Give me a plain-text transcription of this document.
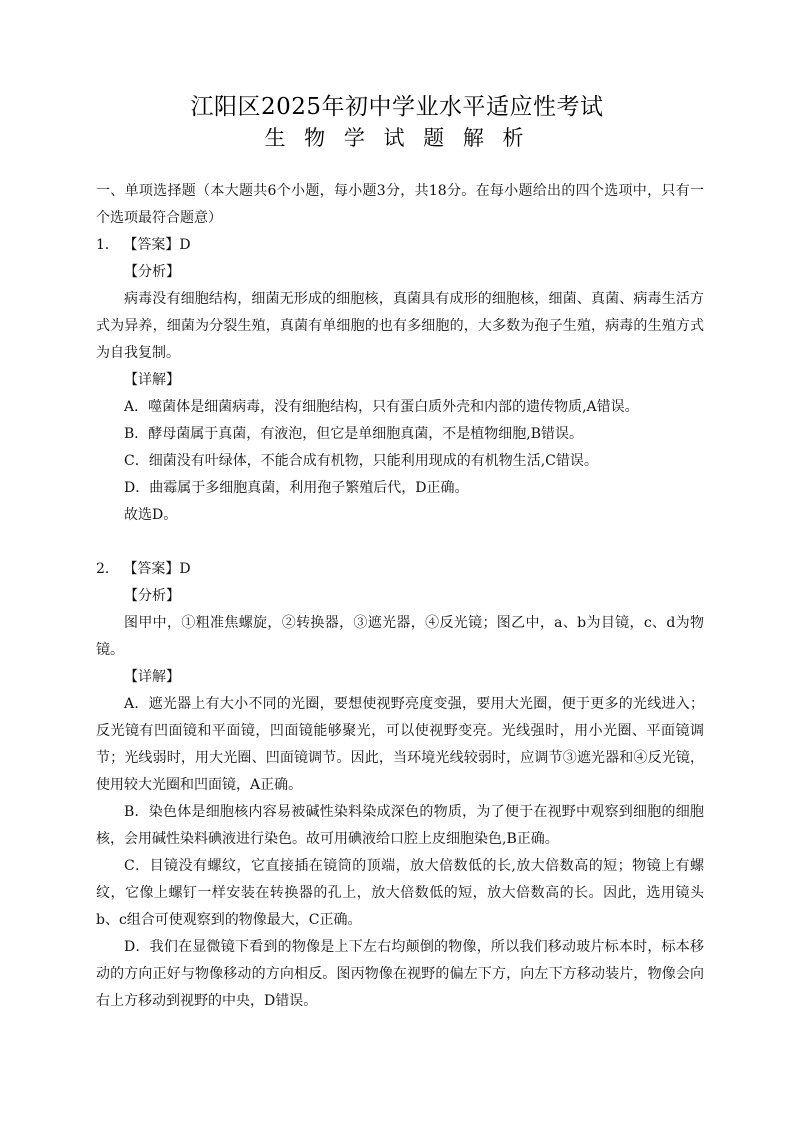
江阳区2025年初中学业水平适应性考试
生 物 学 试 题 解 析

一、单项选择题（本大题共6个小题，每小题3分，共18分。在每小题给出的四个选项中，只有一个选项最符合题意）

1． 【答案】D

【分析】

病毒没有细胞结构，细菌无形成的细胞核，真菌具有成形的细胞核，细菌、真菌、病毒生活方式为异养，细菌为分裂生殖，真菌有单细胞的也有多细胞的，大多数为孢子生殖，病毒的生殖方式为自我复制。

【详解】

A．噬菌体是细菌病毒，没有细胞结构，只有蛋白质外壳和内部的遗传物质,A错误。

B．酵母菌属于真菌，有液泡，但它是单细胞真菌，不是植物细胞,B错误。

C．细菌没有叶绿体，不能合成有机物，只能利用现成的有机物生活,C错误。

D．曲霉属于多细胞真菌，利用孢子繁殖后代，D正确。

故选D。

2． 【答案】D

【分析】

图甲中，①粗准焦螺旋，②转换器，③遮光器，④反光镜；图乙中，a、b为目镜，c、d为物镜。

【详解】

A．遮光器上有大小不同的光圈，要想使视野亮度变强，要用大光圈，便于更多的光线进入；反光镜有凹面镜和平面镜，凹面镜能够聚光，可以使视野变亮。光线强时，用小光圈、平面镜调节；光线弱时，用大光圈、凹面镜调节。因此，当环境光线较弱时，应调节③遮光器和④反光镜，使用较大光圈和凹面镜，A正确。

B．染色体是细胞核内容易被碱性染料染成深色的物质，为了便于在视野中观察到细胞的细胞核，会用碱性染料碘液进行染色。故可用碘液给口腔上皮细胞染色,B正确。

C．目镜没有螺纹，它直接插在镜筒的顶端，放大倍数低的长,放大倍数高的短；物镜上有螺纹，它像上螺钉一样安装在转换器的孔上，放大倍数低的短，放大倍数高的长。因此，选用镜头b、c组合可使观察到的物像最大，C正确。

D．我们在显微镜下看到的物像是上下左右均颠倒的物像，所以我们移动玻片标本时，标本移动的方向正好与物像移动的方向相反。图丙物像在视野的偏左下方，向左下方移动装片，物像会向右上方移动到视野的中央，D错误。
